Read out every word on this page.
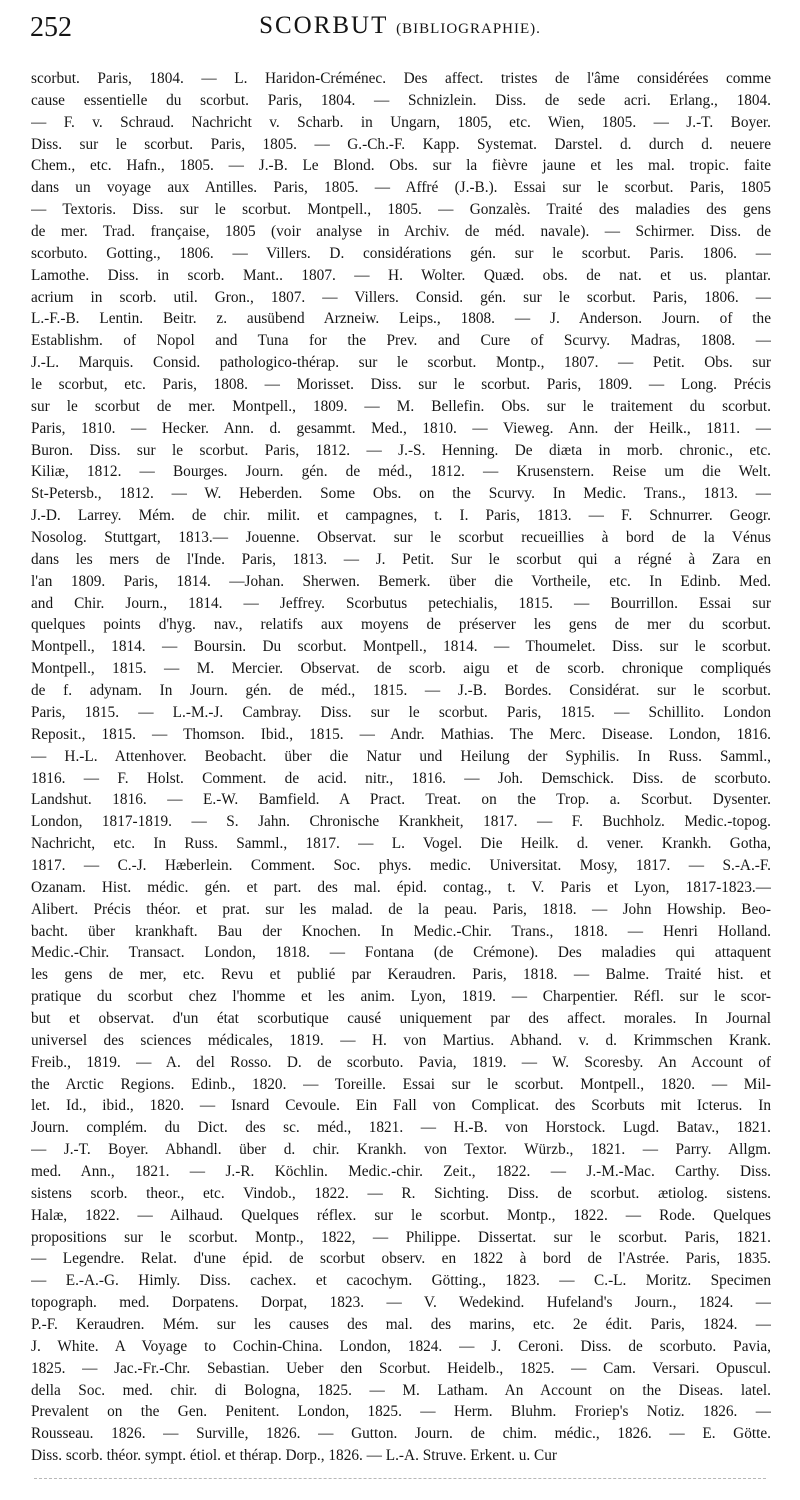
252	SCORBUT (BIBLIOGRAPHIE).
scorbut. Paris, 1804. — L. Haridon-Créménec. Des affect. tristes de l'âme considérées comme
cause essentielle du scorbut. Paris, 1804. — Schnizlein. Diss. de sede acri. Erlang., 1804.
— F. v. Schraud. Nachricht v. Scharb. in Ungarn, 1805, etc. Wien, 1805. — J.-T. Boyer.
Diss. sur le scorbut. Paris, 1805. — G.-Ch.-F. Kapp. Systemat. Darstel. d. durch d. neuere
Chem., etc. Hafn., 1805. — J.-B. Le Blond. Obs. sur la fièvre jaune et les mal. tropic. faite
dans un voyage aux Antilles. Paris, 1805. — Affré (J.-B.). Essai sur le scorbut. Paris, 1805
— Textoris. Diss. sur le scorbut. Montpell., 1805. — Gonzalès. Traité des maladies des gens
de mer. Trad. française, 1805 (voir analyse in Archiv. de méd. navale). — Schirmer. Diss. de
scorbuto. Gotting., 1806. — Villers. D. considérations gén. sur le scorbut. Paris. 1806. —
Lamothe. Diss. in scorb. Mant.. 1807. — H. Wolter. Quæd. obs. de nat. et us. plantar.
acrium in scorb. util. Gron., 1807. — Villers. Consid. gén. sur le scorbut. Paris, 1806. —
L.-F.-B. Lentin. Beitr. z. ausübend Arzneiw. Leips., 1808. — J. Anderson. Journ. of the
Establishm. of Nopol and Tuna for the Prev. and Cure of Scurvy. Madras, 1808. —
J.-L. Marquis. Consid. pathologico-thérap. sur le scorbut. Montp., 1807. — Petit. Obs. sur
le scorbut, etc. Paris, 1808. — Morisset. Diss. sur le scorbut. Paris, 1809. — Long. Précis
sur le scorbut de mer. Montpell., 1809. — M. Bellefin. Obs. sur le traitement du scorbut.
Paris, 1810. — Hecker. Ann. d. gesammt. Med., 1810. — Vieweg. Ann. der Heilk., 1811. —
Buron. Diss. sur le scorbut. Paris, 1812. — J.-S. Henning. De diæta in morb. chronic., etc.
Kiliæ, 1812. — Bourges. Journ. gén. de méd., 1812. — Krusenstern. Reise um die Welt.
St-Petersb., 1812. — W. Heberden. Some Obs. on the Scurvy. In Medic. Trans., 1813. —
J.-D. Larrey. Mém. de chir. milit. et campagnes, t. I. Paris, 1813. — F. Schnurrer. Geogr.
Nosolog. Stuttgart, 1813.— Jouenne. Observat. sur le scorbut recueillies à bord de la Vénus
dans les mers de l'Inde. Paris, 1813. — J. Petit. Sur le scorbut qui a régné à Zara en
l'an 1809. Paris, 1814. —Johan. Sherwen. Bemerk. über die Vortheile, etc. In Edinb. Med.
and Chir. Journ., 1814. — Jeffrey. Scorbutus petechialis, 1815. — Bourrillon. Essai sur
quelques points d'hyg. nav., relatifs aux moyens de préserver les gens de mer du scorbut.
Montpell., 1814. — Boursin. Du scorbut. Montpell., 1814. — Thoumelet. Diss. sur le scorbut.
Montpell., 1815. — M. Mercier. Observat. de scorb. aigu et de scorb. chronique compliqués
de f. adynam. In Journ. gén. de méd., 1815. — J.-B. Bordes. Considérat. sur le scorbut.
Paris, 1815. — L.-M.-J. Cambray. Diss. sur le scorbut. Paris, 1815. — Schillito. London
Reposit., 1815. — Thomson. Ibid., 1815. — Andr. Mathias. The Merc. Disease. London, 1816.
— H.-L. Attenhover. Beobacht. über die Natur und Heilung der Syphilis. In Russ. Samml.,
1816. — F. Holst. Comment. de acid. nitr., 1816. — Joh. Demschick. Diss. de scorbuto.
Landshut. 1816. — E.-W. Bamfield. A Pract. Treat. on the Trop. a. Scorbut. Dysenter.
London, 1817-1819. — S. Jahn. Chronische Krankheit, 1817. — F. Buchholz. Medic.-topog.
Nachricht, etc. In Russ. Samml., 1817. — L. Vogel. Die Heilk. d. vener. Krankh. Gotha,
1817. — C.-J. Hæberlein. Comment. Soc. phys. medic. Universitat. Mosy, 1817. — S.-A.-F.
Ozanam. Hist. médic. gén. et part. des mal. épid. contag., t. V. Paris et Lyon, 1817-1823.—
Alibert. Précis théor. et prat. sur les malad. de la peau. Paris, 1818. — John Howship. Beo-
bacht. über krankhaft. Bau der Knochen. In Medic.-Chir. Trans., 1818. — Henri Holland.
Medic.-Chir. Transact. London, 1818. — Fontana (de Crémone). Des maladies qui attaquent
les gens de mer, etc. Revu et publié par Keraudren. Paris, 1818. — Balme. Traité hist. et
pratique du scorbut chez l'homme et les anim. Lyon, 1819. — Charpentier. Réfl. sur le scor-
but et observat. d'un état scorbutique causé uniquement par des affect. morales. In Journal
universel des sciences médicales, 1819. — H. von Martius. Abhand. v. d. Krimmschen Krank.
Freib., 1819. — A. del Rosso. D. de scorbuto. Pavia, 1819. — W. Scoresby. An Account of
the Arctic Regions. Edinb., 1820. — Toreille. Essai sur le scorbut. Montpell., 1820. — Mil-
let. Id., ibid., 1820. — Isnard Cevoule. Ein Fall von Complicat. des Scorbuts mit Icterus. In
Journ. complém. du Dict. des sc. méd., 1821. — H.-B. von Horstock. Lugd. Batav., 1821.
— J.-T. Boyer. Abhandl. über d. chir. Krankh. von Textor. Würzb., 1821. — Parry. Allgm.
med. Ann., 1821. — J.-R. Köchlin. Medic.-chir. Zeit., 1822. — J.-M.-Mac. Carthy. Diss.
sistens scorb. theor., etc. Vindob., 1822. — R. Sichting. Diss. de scorbut. ætiolog. sistens.
Halæ, 1822. — Ailhaud. Quelques réflex. sur le scorbut. Montp., 1822. — Rode. Quelques
propositions sur le scorbut. Montp., 1822, — Philippe. Dissertat. sur le scorbut. Paris, 1821.
— Legendre. Relat. d'une épid. de scorbut observ. en 1822 à bord de l'Astrée. Paris, 1835.
— E.-A.-G. Himly. Diss. cachex. et cacochym. Götting., 1823. — C.-L. Moritz. Specimen
topograph. med. Dorpatens. Dorpat, 1823. — V. Wedekind. Hufeland's Journ., 1824. —
P.-F. Keraudren. Mém. sur les causes des mal. des marins, etc. 2e édit. Paris, 1824. —
J. White. A Voyage to Cochin-China. London, 1824. — J. Ceroni. Diss. de scorbuto. Pavia,
1825. — Jac.-Fr.-Chr. Sebastian. Ueber den Scorbut. Heidelb., 1825. — Cam. Versari. Opuscul.
della Soc. med. chir. di Bologna, 1825. — M. Latham. An Account on the Diseas. latel.
Prevalent on the Gen. Penitent. London, 1825. — Herm. Bluhm. Froriep's Notiz. 1826. —
Rousseau. 1826. — Surville, 1826. — Gutton. Journ. de chim. médic., 1826. — E. Götte.
Diss. scorb. théor. sympt. étiol. et thérap. Dorp., 1826. — L.-A. Struve. Erkent. u. Cur
